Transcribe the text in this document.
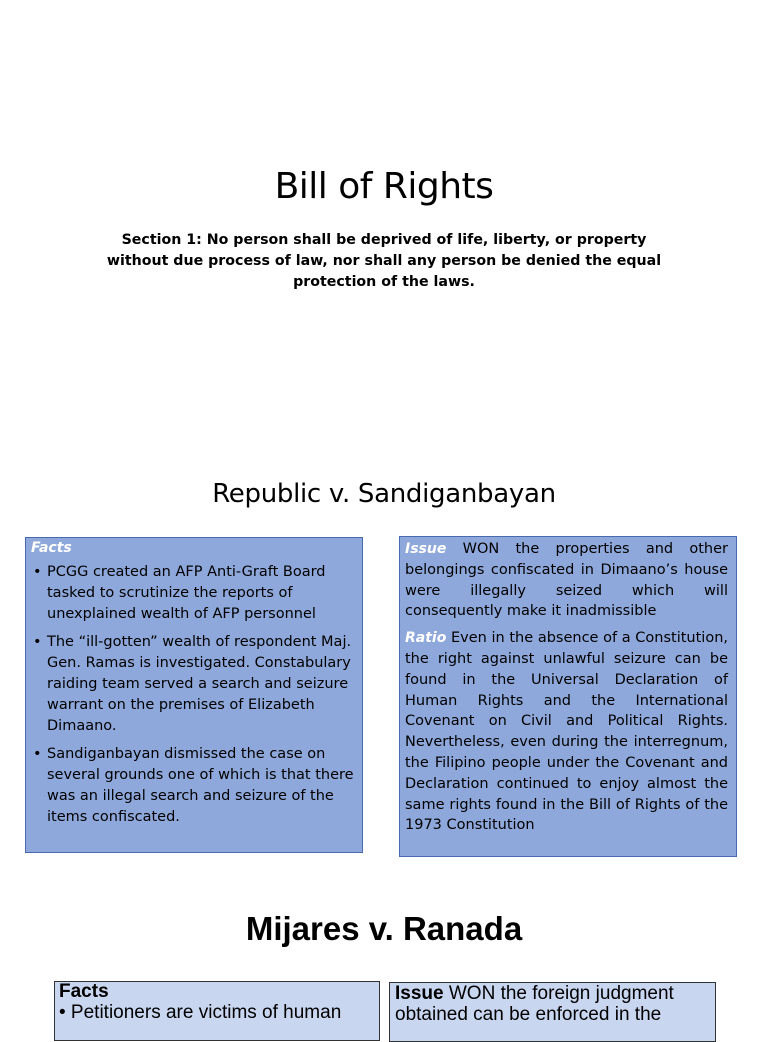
Bill of Rights
Section 1: No person shall be deprived of life, liberty, or property without due process of law, nor shall any person be denied the equal protection of the laws.
Republic v. Sandiganbayan
Facts
• PCGG created an AFP Anti-Graft Board tasked to scrutinize the reports of unexplained wealth of AFP personnel
• The “ill-gotten” wealth of respondent Maj. Gen. Ramas is investigated. Constabulary raiding team served a search and seizure warrant on the premises of Elizabeth Dimaano.
• Sandiganbayan dismissed the case on several grounds one of which is that there was an illegal search and seizure of the items confiscated.

Issue WON the properties and other belongings confiscated in Dimaano’s house were illegally seized which will consequently make it inadmissible

Ratio Even in the absence of a Constitution, the right against unlawful seizure can be found in the Universal Declaration of Human Rights and the International Covenant on Civil and Political Rights. Nevertheless, even during the interregnum, the Filipino people under the Covenant and Declaration continued to enjoy almost the same rights found in the Bill of Rights of the 1973 Constitution

Mijares v. Ranada
Facts
• Petitioners are victims of human
Issue WON the foreign judgment obtained can be enforced in the
